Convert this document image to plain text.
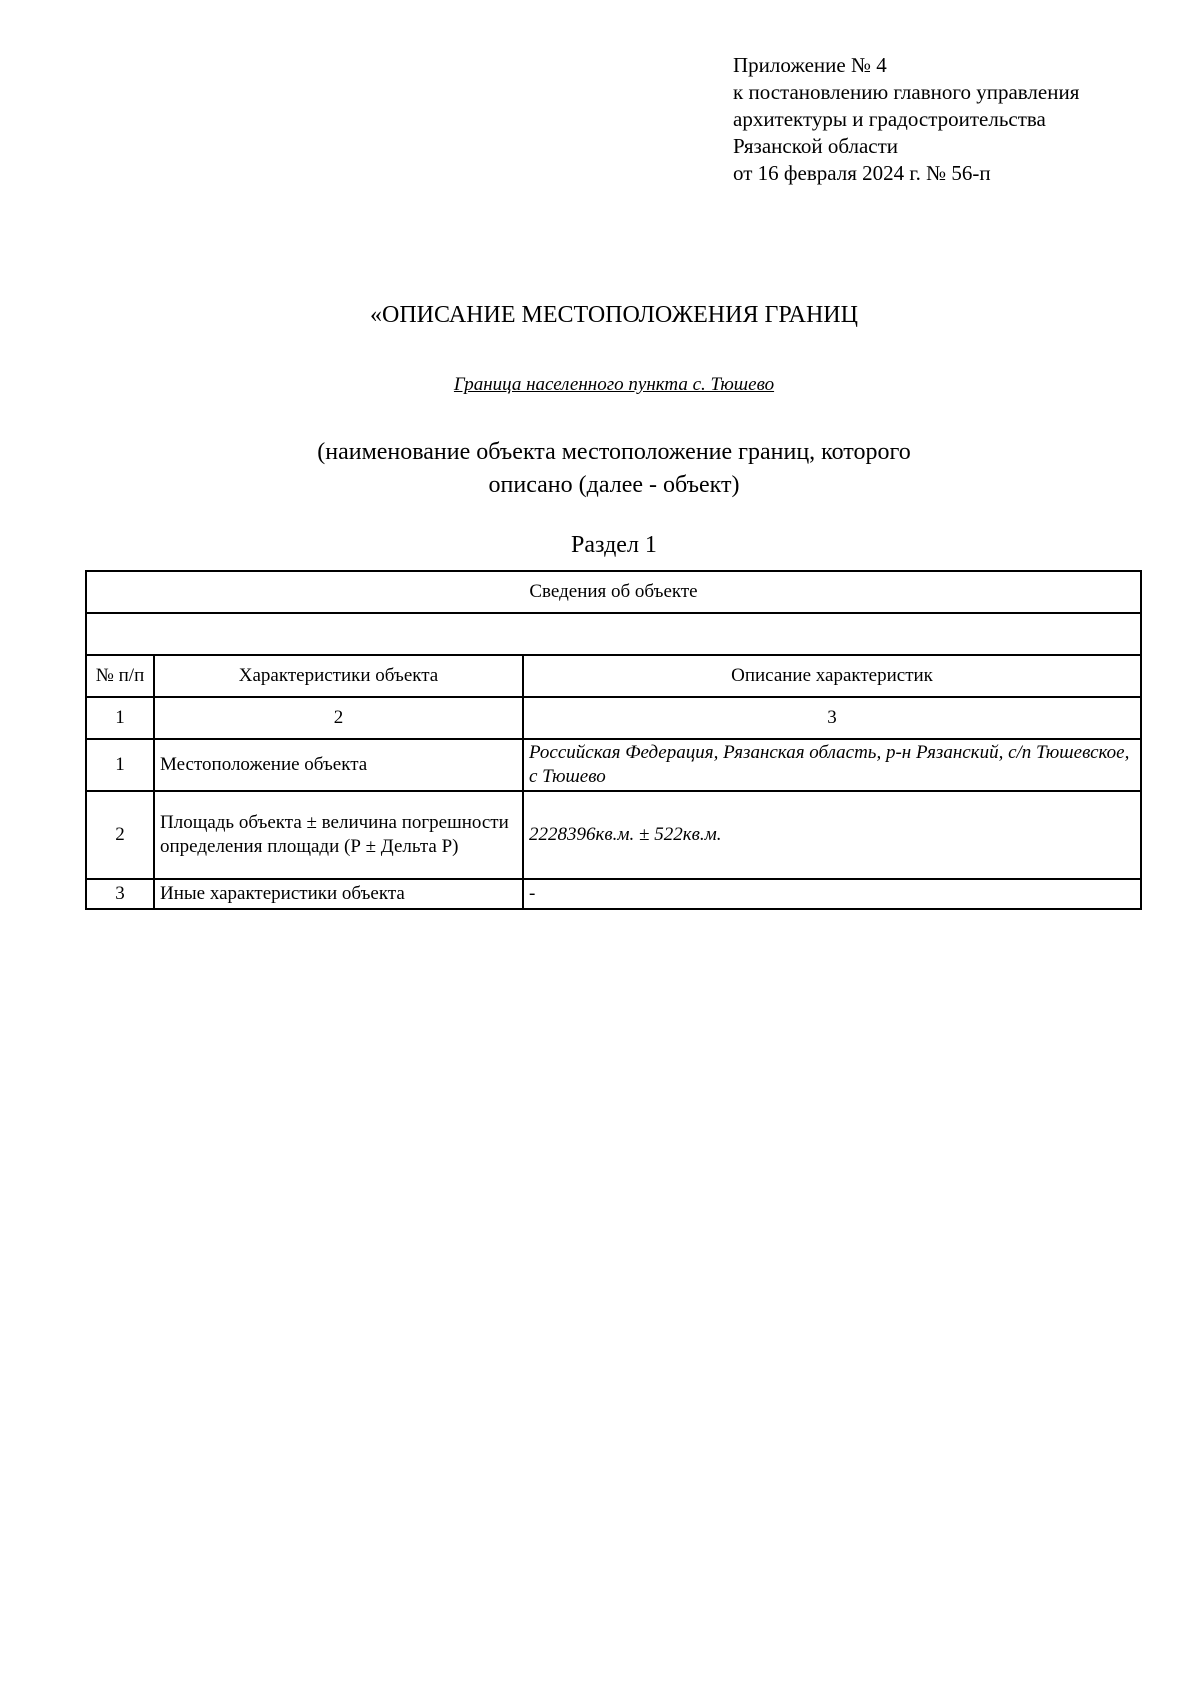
Приложение № 4
к постановлению главного управления
архитектуры и градостроительства
Рязанской области
от 16 февраля 2024 г. № 56-п
«ОПИСАНИЕ МЕСТОПОЛОЖЕНИЯ ГРАНИЦ
Граница населенного пункта с. Тюшево
(наименование объекта местоположение границ, которого
описано (далее - объект)
Раздел 1
Сведения об объекте		

№ п/п	Характеристики объекта	Описание характеристик
1	2	3
1	Местоположение объекта	Российская Федерация, Рязанская область, р-н Рязанский, с/п Тюшевское, с Тюшево
2	Площадь объекта ± величина погрешности определения площади (Р ± Дельта Р)	2228396кв.м. ± 522кв.м.
3	Иные характеристики объекта	-
